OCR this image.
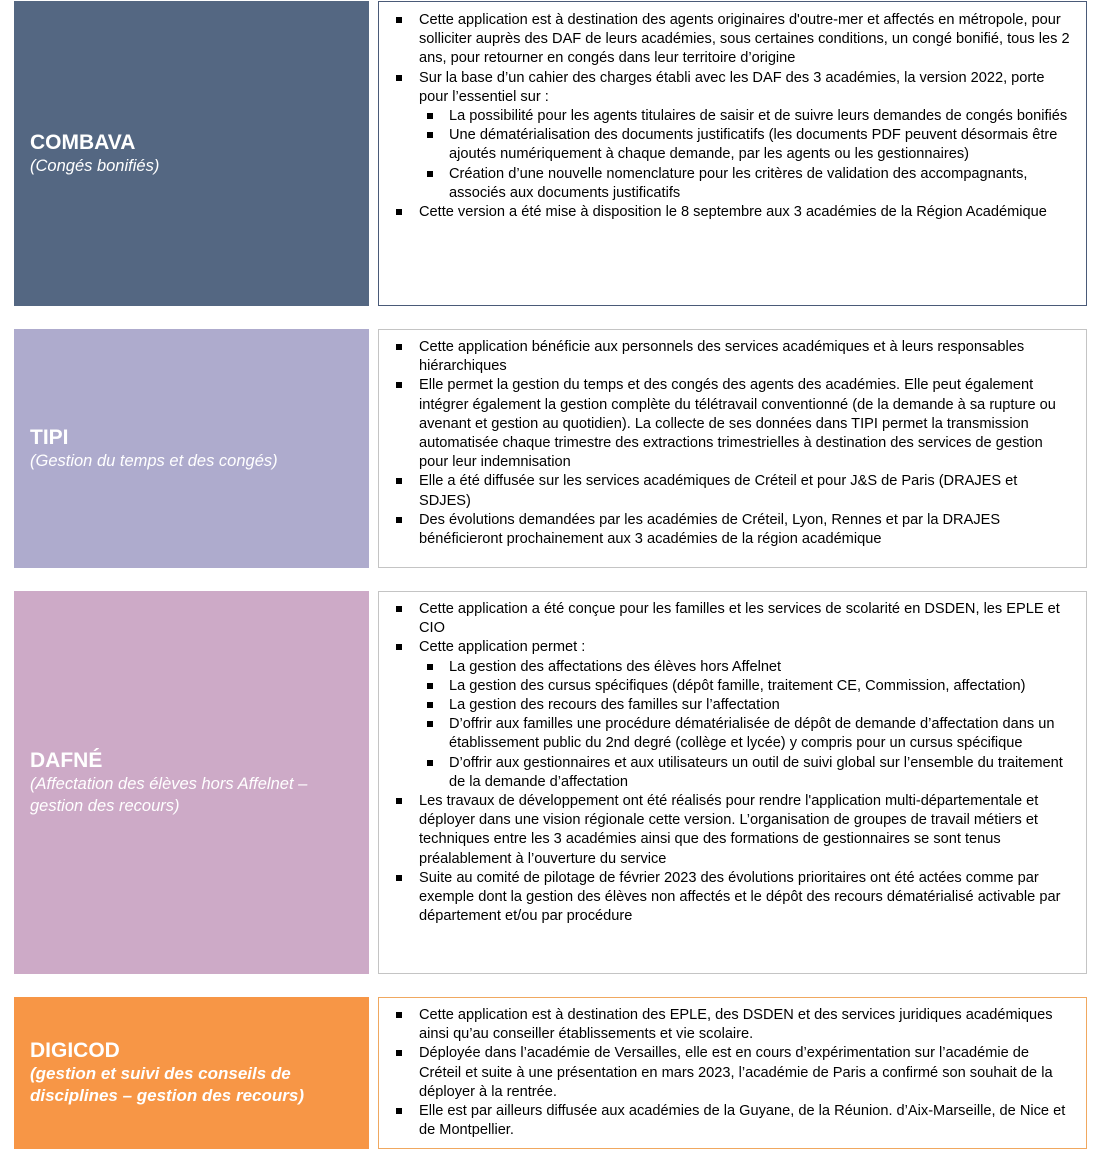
COMBAVA
(Congés bonifiés)
Cette application est à destination des agents originaires d'outre-mer et affectés en métropole, pour solliciter auprès des DAF de leurs académies, sous certaines conditions, un congé bonifié, tous les 2 ans, pour retourner en congés dans leur territoire d’origine
Sur la base d’un cahier des charges établi avec les DAF des 3 académies, la version 2022, porte pour l’essentiel sur :
La possibilité pour les agents titulaires de saisir et de suivre leurs demandes de congés bonifiés
Une dématérialisation des documents justificatifs (les documents PDF peuvent désormais être ajoutés numériquement à chaque demande, par les agents ou les gestionnaires)
Création d’une nouvelle nomenclature pour les critères de validation des accompagnants, associés aux documents justificatifs
Cette version a été mise à disposition le 8 septembre aux 3 académies de la Région Académique
TIPI
(Gestion du temps et des congés)
Cette application bénéficie aux personnels des services académiques et à leurs responsables hiérarchiques
Elle permet la gestion du temps et des congés des agents des académies. Elle peut également intégrer également la gestion complète du télétravail conventionné (de la demande à sa rupture ou avenant et gestion au quotidien). La collecte de ses données dans TIPI permet la transmission automatisée chaque trimestre des extractions trimestrielles à destination des services de gestion pour leur indemnisation
Elle a été diffusée sur les services académiques de Créteil et pour J&S de Paris (DRAJES et SDJES)
Des évolutions demandées par les académies de Créteil, Lyon, Rennes et par la DRAJES bénéficieront prochainement aux 3 académies de la région académique
DAFNÉ
(Affectation des élèves hors Affelnet – gestion des recours)
Cette application a été conçue pour les familles et les services de scolarité en DSDEN, les EPLE et CIO
Cette application permet :
La gestion des affectations des élèves hors Affelnet
La gestion des cursus spécifiques (dépôt famille, traitement CE, Commission, affectation)
La gestion des recours des familles sur l’affectation
D’offrir aux familles une procédure dématérialisée de dépôt de demande d’affectation dans un établissement public du 2nd degré (collège et lycée) y compris pour un cursus spécifique
D’offrir aux gestionnaires et aux utilisateurs un outil de suivi global sur l’ensemble du traitement de la demande d’affectation
Les travaux de développement ont été réalisés pour rendre l'application multi-départementale et déployer dans une vision régionale cette version. L’organisation de groupes de travail métiers et techniques entre les 3 académies ainsi que des formations de gestionnaires se sont tenus préalablement à l’ouverture du service
Suite au comité de pilotage de février 2023 des évolutions prioritaires ont été actées comme par exemple dont la gestion des élèves non affectés et le dépôt des recours dématérialisé activable par département et/ou par procédure
DIGICOD
(gestion et suivi des conseils de disciplines – gestion des recours)
Cette application est à destination des EPLE, des DSDEN et des services juridiques académiques ainsi qu’au conseiller établissements et vie scolaire.
Déployée dans l’académie de Versailles, elle est en cours d’expérimentation sur l’académie de Créteil et suite à une présentation en mars 2023, l’académie de Paris a confirmé son souhait de la déployer à la rentrée.
Elle est par ailleurs diffusée aux académies de la Guyane, de la Réunion. d’Aix-Marseille, de Nice et de Montpellier.
